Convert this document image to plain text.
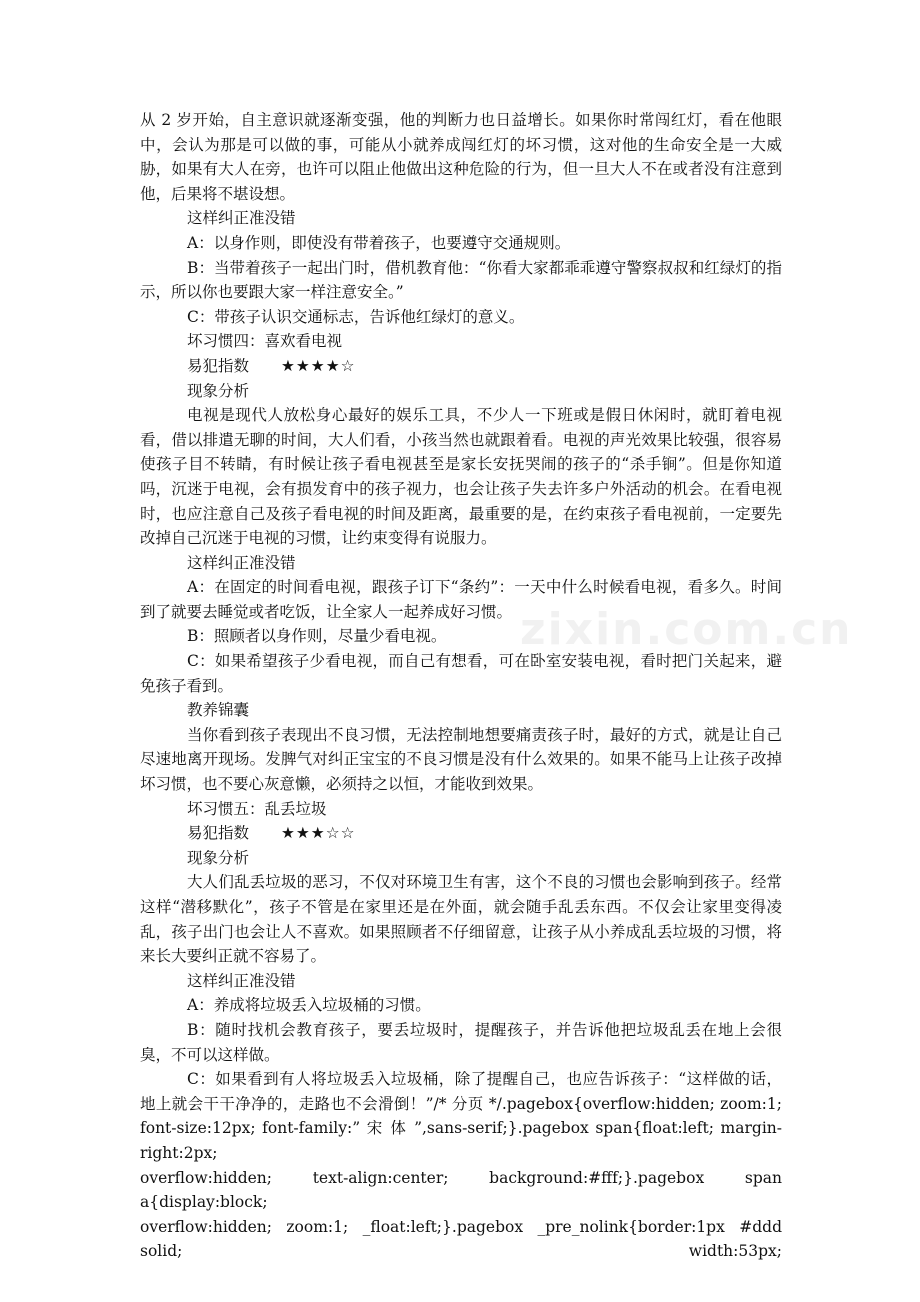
zixin.com.cn

从 2 岁开始，自主意识就逐渐变强，他的判断力也日益增长。如果你时常闯红灯，看在他眼中，会认为那是可以做的事，可能从小就养成闯红灯的坏习惯，这对他的生命安全是一大威胁，如果有大人在旁，也许可以阻止他做出这种危险的行为，但一旦大人不在或者没有注意到他，后果将不堪设想。

这样纠正准没错

A：以身作则，即使没有带着孩子，也要遵守交通规则。

B：当带着孩子一起出门时，借机教育他：“你看大家都乖乖遵守警察叔叔和红绿灯的指示，所以你也要跟大家一样注意安全。”

C：带孩子认识交通标志，告诉他红绿灯的意义。

坏习惯四：喜欢看电视

易犯指数 ★★★★☆

现象分析

电视是现代人放松身心最好的娱乐工具，不少人一下班或是假日休闲时，就盯着电视看，借以排遣无聊的时间，大人们看，小孩当然也就跟着看。电视的声光效果比较强，很容易使孩子目不转睛，有时候让孩子看电视甚至是家长安抚哭闹的孩子的“杀手锏”。但是你知道吗，沉迷于电视，会有损发育中的孩子视力，也会让孩子失去许多户外活动的机会。在看电视时，也应注意自己及孩子看电视的时间及距离，最重要的是，在约束孩子看电视前，一定要先改掉自己沉迷于电视的习惯，让约束变得有说服力。

这样纠正准没错

A：在固定的时间看电视，跟孩子订下“条约”：一天中什么时候看电视，看多久。时间到了就要去睡觉或者吃饭，让全家人一起养成好习惯。

B：照顾者以身作则，尽量少看电视。

C：如果希望孩子少看电视，而自己有想看，可在卧室安装电视，看时把门关起来，避免孩子看到。

教养锦囊

当你看到孩子表现出不良习惯，无法控制地想要痛责孩子时，最好的方式，就是让自己尽速地离开现场。发脾气对纠正宝宝的不良习惯是没有什么效果的。如果不能马上让孩子改掉坏习惯，也不要心灰意懒，必须持之以恒，才能收到效果。

坏习惯五：乱丢垃圾

易犯指数 ★★★☆☆

现象分析

大人们乱丢垃圾的恶习，不仅对环境卫生有害，这个不良的习惯也会影响到孩子。经常这样“潜移默化”，孩子不管是在家里还是在外面，就会随手乱丢东西。不仅会让家里变得凌乱，孩子出门也会让人不喜欢。如果照顾者不仔细留意，让孩子从小养成乱丢垃圾的习惯，将来长大要纠正就不容易了。

这样纠正准没错

A：养成将垃圾丢入垃圾桶的习惯。

B：随时找机会教育孩子，要丢垃圾时，提醒孩子，并告诉他把垃圾乱丢在地上会很臭，不可以这样做。

C：如果看到有人将垃圾丢入垃圾桶，除了提醒自己，也应告诉孩子：“这样做的话，

地上就会干干净净的，走路也不会滑倒！”/* 分页 */.pagebox{overflow:hidden; zoom:1;

font-size:12px; font-family:” 宋 体 ”,sans-serif;}.pagebox span{float:left; margin-right:2px;

overflow:hidden; text-align:center; background:#fff;}.pagebox span a{display:block;

overflow:hidden; zoom:1; _float:left;}.pagebox _pre_nolink{border:1px #ddd solid; width:53px;
